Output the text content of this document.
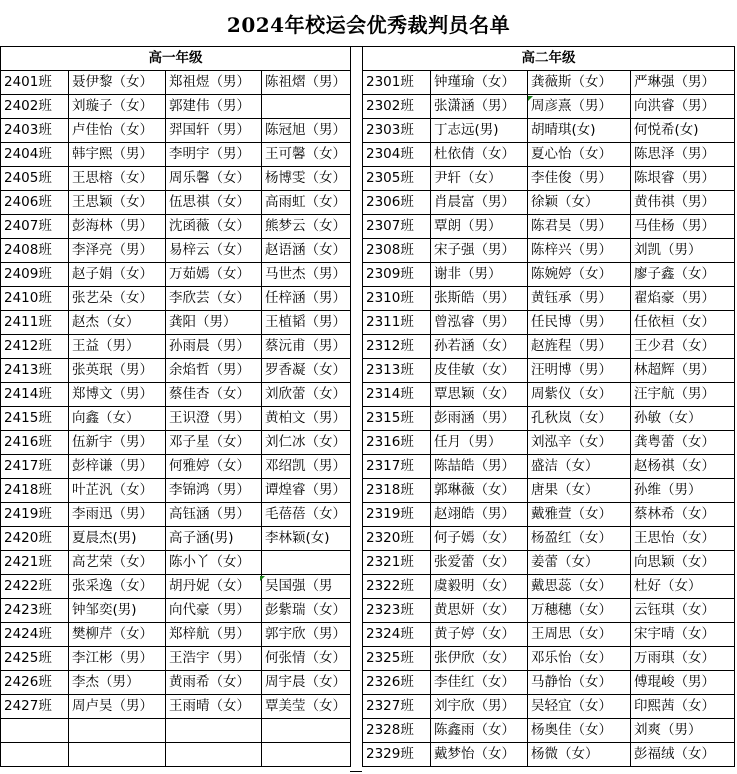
2024年校运会优秀裁判员名单
高一年级			
2401班	聂伊黎（女）	郑祖煜（男）	陈祖熠（男）
2402班	刘璇子（女）	郭建伟（男）	
2403班	卢佳怡（女）	羿国轩（男）	陈冠旭（男）
2404班	韩宇熙（男）	李明宇（男）	王可馨（女）
2405班	王思榕（女）	周乐馨（女）	杨博雯（女）
2406班	王思颖（女）	伍思祺（女）	高雨虹（女）
2407班	彭海林（男）	沈函薇（女）	熊梦云（女）
2408班	李泽亮（男）	易梓云（女）	赵语涵（女）
2409班	赵子娟（女）	万茹嫣（女）	马世杰（男）
2410班	张艺朵（女）	李欣芸（女）	任梓涵（男）
2411班	赵杰（女）	龚阳（男）	王植韬（男）
2412班	王益（男）	孙雨晨（男）	蔡沅甫（男）
2413班	张英珉（男）	余焰哲（男）	罗香凝（女）
2414班	郑博文（男）	蔡佳杏（女）	刘欣蕾（女）
2415班	向鑫（女）	王识澄（男）	黄柏文（男）
2416班	伍新宇（男）	邓子星（女）	刘仁冰（女）
2417班	彭梓谦（男）	何雅婷（女）	邓绍凯（男）
2418班	叶芷汎（女）	李锦鸿（男）	谭煌睿（男）
2419班	李雨迅（男）	高钰涵（男）	毛蓓蓓（女）
2420班	夏晨杰(男)	高子涵(男)	李林颖(女)
2421班	高艺荣（女）	陈小丫（女）	
2422班	张采逸（女）	胡丹妮（女）	吴国强（男
2423班	钟邹奕(男)	向代豪（男）	彭紫瑞（女）
2424班	樊柳芹（女）	郑梓航（男）	郭宇欣（男）
2425班	李江彬（男）	王浩宇（男）	何张情（女）
2426班	李杰（男）	黄雨希（女）	周宇晨（女）
2427班	周卢昊（男）	王雨晴（女）	覃美莹（女）

高二年级			
2301班	钟瑾瑜（女）	龚薇斯（女）	严琳强（男）
2302班	张潇涵（男）	周彦熹（男）	向洪睿（男）
2303班	丁志远(男)	胡晴琪(女)	何悦希(女)
2304班	杜依倩（女）	夏心怡（女）	陈思泽（男）
2305班	尹轩（女）	李佳俊（男）	陈垠睿（男）
2306班	肖晨富（男）	徐颖（女）	黄伟祺（男）
2307班	覃朗（男）	陈君昊（男）	马佳杨（男）
2308班	宋子强（男）	陈梓兴（男）	刘凯（男）
2309班	谢非（男）	陈婉婷（女）	廖子鑫（女）
2310班	张斯皓（男）	黄钰承（男）	翟焰豪（男）
2311班	曾泓睿（男）	任民博（男）	任依桓（女）
2312班	孙若涵（女）	赵旌程（男）	王少君（女）
2313班	皮佳敏（女）	汪明博（男）	林超辉（男）
2314班	覃思颖（女）	周紫仪（女）	汪宇航（男）
2315班	彭雨涵（男）	孔秋岚（女）	孙敏（女）
2316班	任月（男）	刘泓辛（女）	龚粤蕾（女）
2317班	陈喆皓（男）	盛洁（女）	赵杨祺（女）
2318班	郭琳薇（女）	唐果（女）	孙维（男）
2319班	赵翊皓（男）	戴雅萱（女）	蔡林希（女）
2320班	何子嫣（女）	杨盈红（女）	王思怡（女）
2321班	张爱蕾（女）	姜蕾（女）	向思颖（女）
2322班	虞毅明（女）	戴思蕊（女）	杜好（女）
2323班	黄思妍（女）	万穗穗（女）	云钰琪（女）
2324班	黄子婷（女）	王周思（女）	宋宇晴（女）
2325班	张伊欣（女）	邓乐怡（女）	万雨琪（女）
2326班	李佳红（女）	马静怡（女）	傅琨峻（男）
2327班	刘宇欣（男）	吴轻宜（女）	印熙茜（女）
2328班	陈鑫雨（女）	杨奥佳（女）	刘爽（男）
2329班	戴梦怡（女）	杨微（女）	彭福绒（女）
